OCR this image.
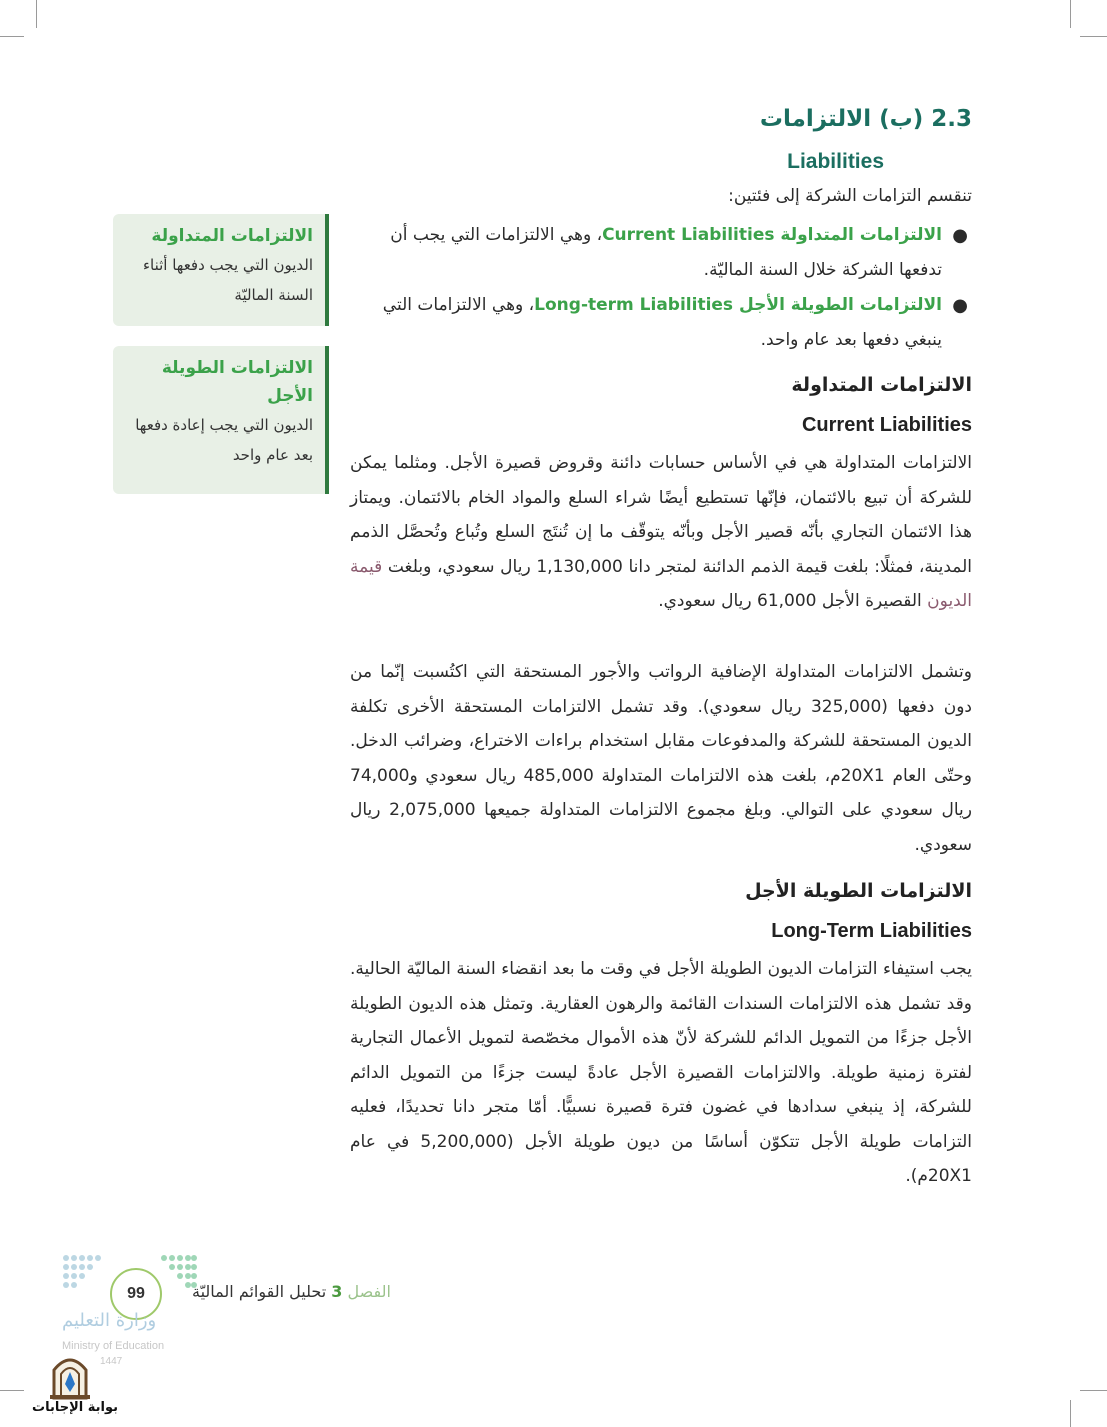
2.3 (ب) الالتزامات
Liabilities
تنقسم التزامات الشركة إلى فئتين:
●
الالتزامات المتداولة Current Liabilities، وهي الالتزامات التي يجب أن تدفعها الشركة خلال السنة الماليّة.
●
الالتزامات الطويلة الأجل Long-term Liabilities، وهي الالتزامات التي ينبغي دفعها بعد عام واحد.
الالتزامات المتداولة
Current Liabilities
الالتزامات المتداولة هي في الأساس حسابات دائنة وقروض قصيرة الأجل. ومثلما يمكن للشركة أن تبيع بالائتمان، فإنّها تستطيع أيضًا شراء السلع والمواد الخام بالائتمان. ويمتاز هذا الائتمان التجاري بأنّه قصير الأجل وبأنّه يتوقّف ما إن تُنتَج السلع وتُباع وتُحصَّل الذمم المدينة، فمثلًا: بلغت قيمة الذمم الدائنة لمتجر دانا 1,130,000 ريال سعودي، وبلغت قيمة الديون القصيرة الأجل 61,000 ريال سعودي.
وتشمل الالتزامات المتداولة الإضافية الرواتب والأجور المستحقة التي اكتُسبت إنّما من دون دفعها (325,000 ريال سعودي). وقد تشمل الالتزامات المستحقة الأخرى تكلفة الديون المستحقة للشركة والمدفوعات مقابل استخدام براءات الاختراع، وضرائب الدخل. وحتّى العام 20X1م، بلغت هذه الالتزامات المتداولة 485,000 ريال سعودي و74,000 ريال سعودي على التوالي. وبلغ مجموع الالتزامات المتداولة جميعها 2,075,000 ريال سعودي.
الالتزامات الطويلة الأجل
Long-Term Liabilities
يجب استيفاء التزامات الديون الطويلة الأجل في وقت ما بعد انقضاء السنة الماليّة الحالية. وقد تشمل هذه الالتزامات السندات القائمة والرهون العقارية. وتمثل هذه الديون الطويلة الأجل جزءًا من التمويل الدائم للشركة لأنّ هذه الأموال مخصّصة لتمويل الأعمال التجارية لفترة زمنية طويلة. والالتزامات القصيرة الأجل عادةً ليست جزءًا من التمويل الدائم للشركة، إذ ينبغي سدادها في غضون فترة قصيرة نسبيًّا. أمّا متجر دانا تحديدًا، فعليه التزامات طويلة الأجل تتكوّن أساسًا من ديون طويلة الأجل (5,200,000 في عام 20X1م).
الالتزامات المتداولة
الديون التي يجب دفعها أثناء السنة الماليّة
الالتزامات الطويلة الأجل
الديون التي يجب إعادة دفعها بعد عام واحد
99	الفصل 3 تحليل القوائم الماليّة
وزارة التعليم
Ministry of Education
1447
بوابة الإجابات
